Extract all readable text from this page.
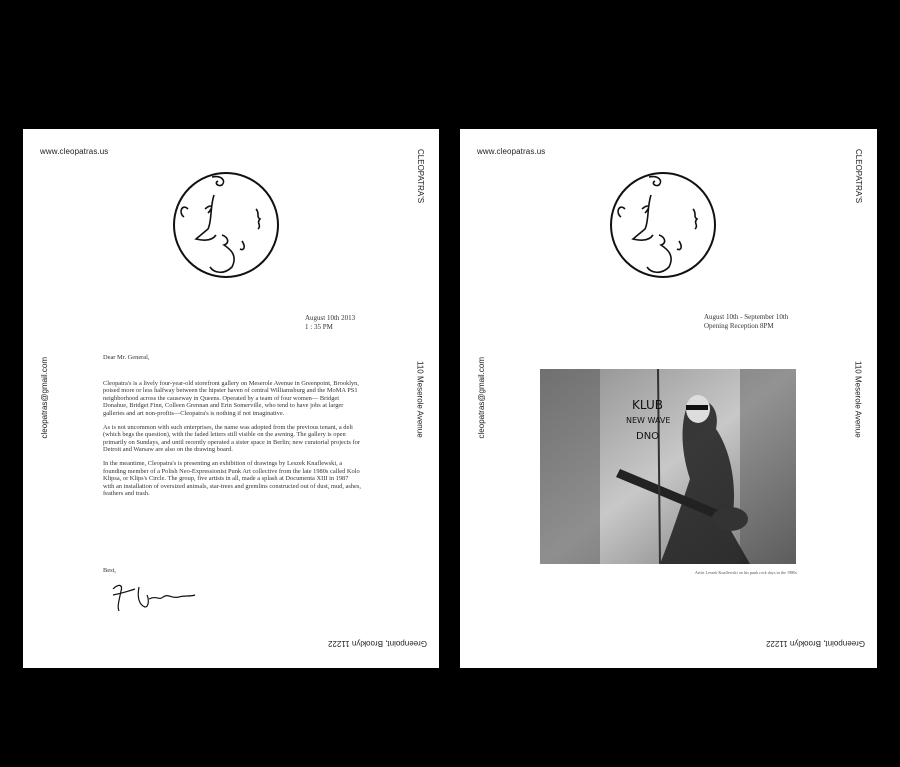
www.cleopatras.us	CLEOPATRA'S
110 Meserole Avenue
Greenpoint, Brooklyn 11222
cleopatras@gmail.com
August 10th 2013
1 : 35 PM

Dear Mr. General,

Cleopatra's is a lively four-year-old storefront gallery on Meserole Avenue in Greenpoint, Brooklyn, poised more or less halfway between the hipster haven of central Williamsburg and the MoMA PS1 neighborhood across the causeway in Queens. Operated by a team of four women— Bridget Donahue, Bridget Finn, Colleen Grennan and Erin Somerville, who tend to have jobs at larger galleries and art non-profits—Cleopatra's is nothing if not imaginative.

As is not uncommon with such enterprises, the name was adopted from the previous tenant, a deli (which begs the question), with the faded letters still visible on the awning. The gallery is open primarily on Sundays, and until recently operated a sister space in Berlin; new curatorial projects for Detroit and Warsaw are also on the drawing board.

In the meantime, Cleopatra's is presenting an exhibition of drawings by Leszek Knaflewski, a founding member of a Polish Neo-Expressionist Punk Art collective from the late 1980s called Kolo Klipsa, or Klips's Circle. The group, five artists in all, made a splash at Documenta XIII in 1987 with an installation of oversized animals, star-trees and gremlins constructed out of dust, mud, ashes, feathers and trash.

Best,
www.cleopatras.us	CLEOPATRA'S
110 Meserole Avenue
Greenpoint, Brooklyn 11222
cleopatras@gmail.com
August 10th - September 10th
Opening Reception 8PM
KLUB
NEW WAVE
DNO
Artist Leszek Knaflewski on his punk rock days in the 1980s
